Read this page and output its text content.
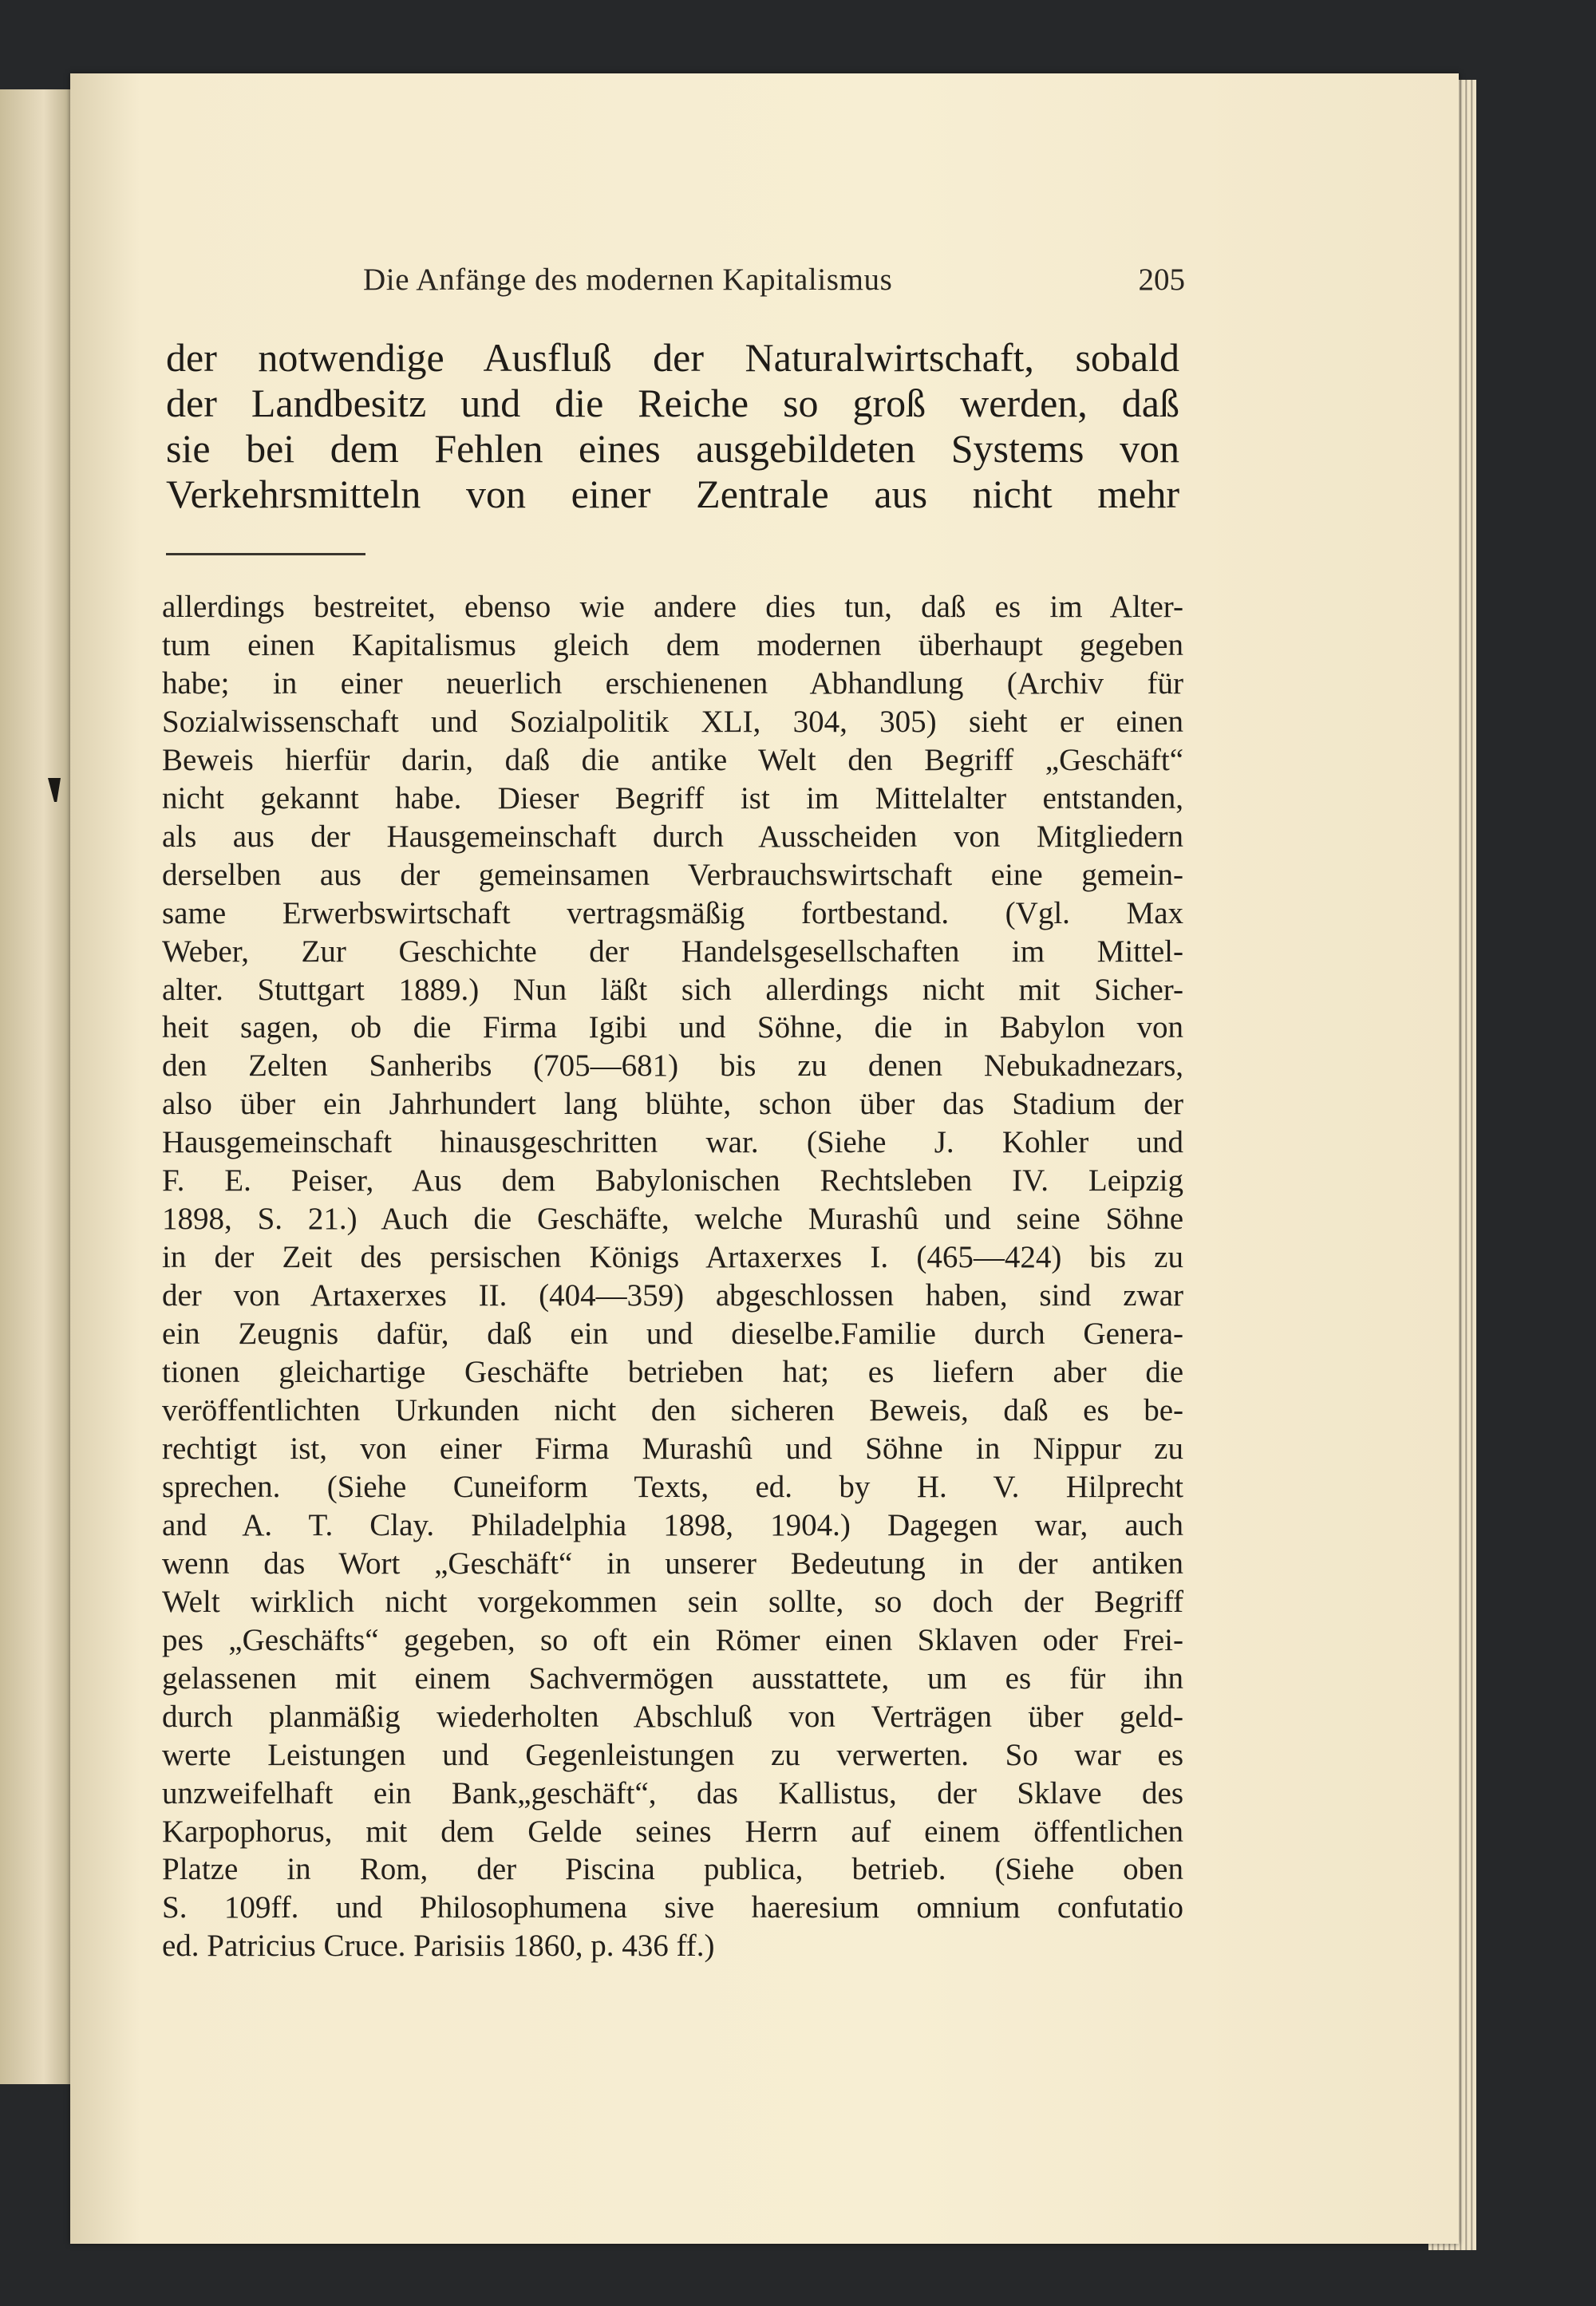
Die Anfänge des modernen Kapitalismus	205
der notwendige Ausfluß der Naturalwirtschaft, sobald
der Landbesitz und die Reiche so groß werden, daß
sie bei dem Fehlen eines ausgebildeten Systems von
Verkehrsmitteln von einer Zentrale aus nicht mehr
allerdings bestreitet, ebenso wie andere dies tun, daß es im Alter-
tum einen Kapitalismus gleich dem modernen überhaupt gegeben
habe; in einer neuerlich erschienenen Abhandlung (Archiv für
Sozialwissenschaft und Sozialpolitik XLI, 304, 305) sieht er einen
Beweis hierfür darin, daß die antike Welt den Begriff „Geschäft“
nicht gekannt habe. Dieser Begriff ist im Mittelalter entstanden,
als aus der Hausgemeinschaft durch Ausscheiden von Mitgliedern
derselben aus der gemeinsamen Verbrauchswirtschaft eine gemein-
same Erwerbswirtschaft vertragsmäßig fortbestand. (Vgl. Max
Weber, Zur Geschichte der Handelsgesellschaften im Mittel-
alter. Stuttgart 1889.) Nun läßt sich allerdings nicht mit Sicher-
heit sagen, ob die Firma Igibi und Söhne, die in Babylon von
den Zelten Sanheribs (705—681) bis zu denen Nebukadnezars,
also über ein Jahrhundert lang blühte, schon über das Stadium der
Hausgemeinschaft hinausgeschritten war. (Siehe J. Kohler und
F. E. Peiser, Aus dem Babylonischen Rechtsleben IV. Leipzig
1898, S. 21.) Auch die Geschäfte, welche Murashû und seine Söhne
in der Zeit des persischen Königs Artaxerxes I. (465—424) bis zu
der von Artaxerxes II. (404—359) abgeschlossen haben, sind zwar
ein Zeugnis dafür, daß ein und dieselbe.Familie durch Genera-
tionen gleichartige Geschäfte betrieben hat; es liefern aber die
veröffentlichten Urkunden nicht den sicheren Beweis, daß es be-
rechtigt ist, von einer Firma Murashû und Söhne in Nippur zu
sprechen. (Siehe Cuneiform Texts, ed. by H. V. Hilprecht
and A. T. Clay. Philadelphia 1898, 1904.) Dagegen war, auch
wenn das Wort „Geschäft“ in unserer Bedeutung in der antiken
Welt wirklich nicht vorgekommen sein sollte, so doch der Begriff
pes „Geschäfts“ gegeben, so oft ein Römer einen Sklaven oder Frei-
gelassenen mit einem Sachvermögen ausstattete, um es für ihn
durch planmäßig wiederholten Abschluß von Verträgen über geld-
werte Leistungen und Gegenleistungen zu verwerten. So war es
unzweifelhaft ein Bank„geschäft“, das Kallistus, der Sklave des
Karpophorus, mit dem Gelde seines Herrn auf einem öffentlichen
Platze in Rom, der Piscina publica, betrieb. (Siehe oben
S. 109ff. und Philosophumena sive haeresium omnium confutatio
ed. Patricius Cruce. Parisiis 1860, p. 436 ff.)
